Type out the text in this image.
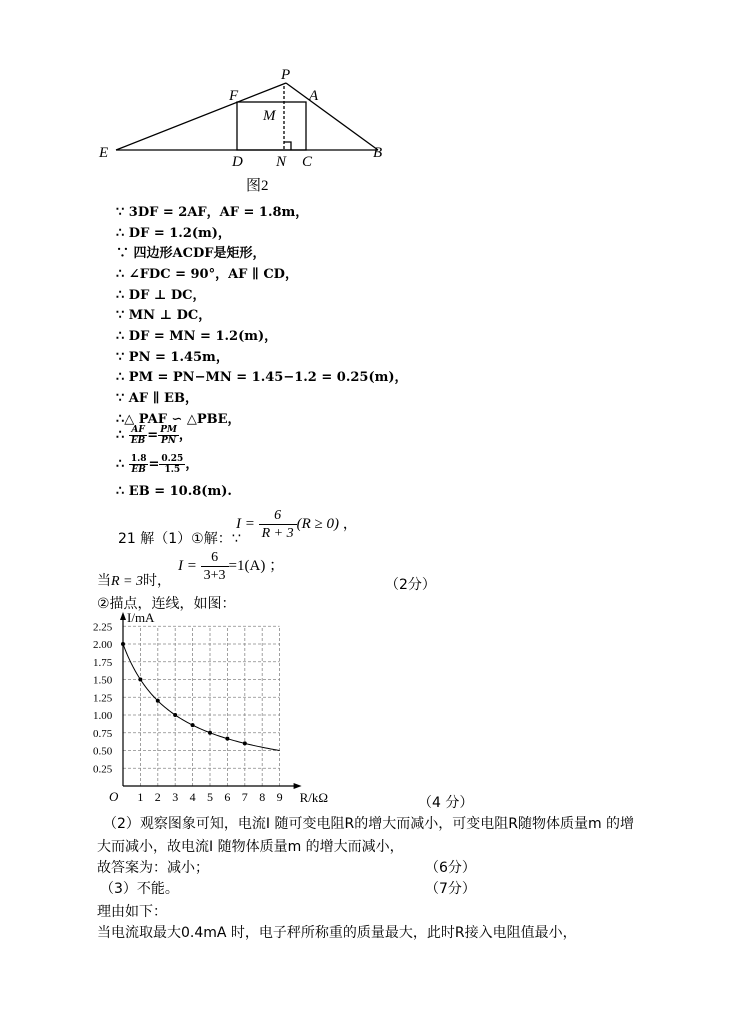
P
F	A
M
E
D N C
B
图2
∵ 3DF = 2AF，AF = 1.8m，
∴ DF = 1.2(m)，
∵ 四边形ACDF是矩形，
∴ ∠FDC = 90°，AF ∥ CD，
∴ DF ⊥ DC，
∵ MN ⊥ DC，
∴ DF = MN = 1.2(m)，
∵ PN = 1.45m，
∴ PM = PN−MN = 1.45−1.2 = 0.25(m)，
∵ AF ∥ EB，
∴△ PAF ∽ △PBE，
∴ $\frac{AF}{EB} = \frac{PM}{PN}$ ，
∴ $\frac{1.8}{EB} = \frac{0.25}{1.5}$ ，
∴ EB = 10.8(m).
21 解（1）①解：∵
$I = \frac{6}{R + 3} (R \ge 0)$ ，
当R = 3时，
$I = \frac{6}{3+3} =1(A)$ ；
（2分）
②描点，连线，如图：
1 2 3 4 5 6 7 8 9
0.25
0.50
0.75
1.00
1.25
1.50
1.75
2.00
2.25
O	R/kΩ
I/mA
（4 分）
（2）观察图象可知，电流I 随可变电阻R的增大而减小，可变电阻R随物体质量m 的增
大而减小，故电流I 随物体质量m 的增大而减小，
故答案为：减小；	（6分）
（3）不能。	（7分）
理由如下：
当电流取最大0.4mA 时，电子秤所称重的质量最大，此时R接入电阻值最小，
